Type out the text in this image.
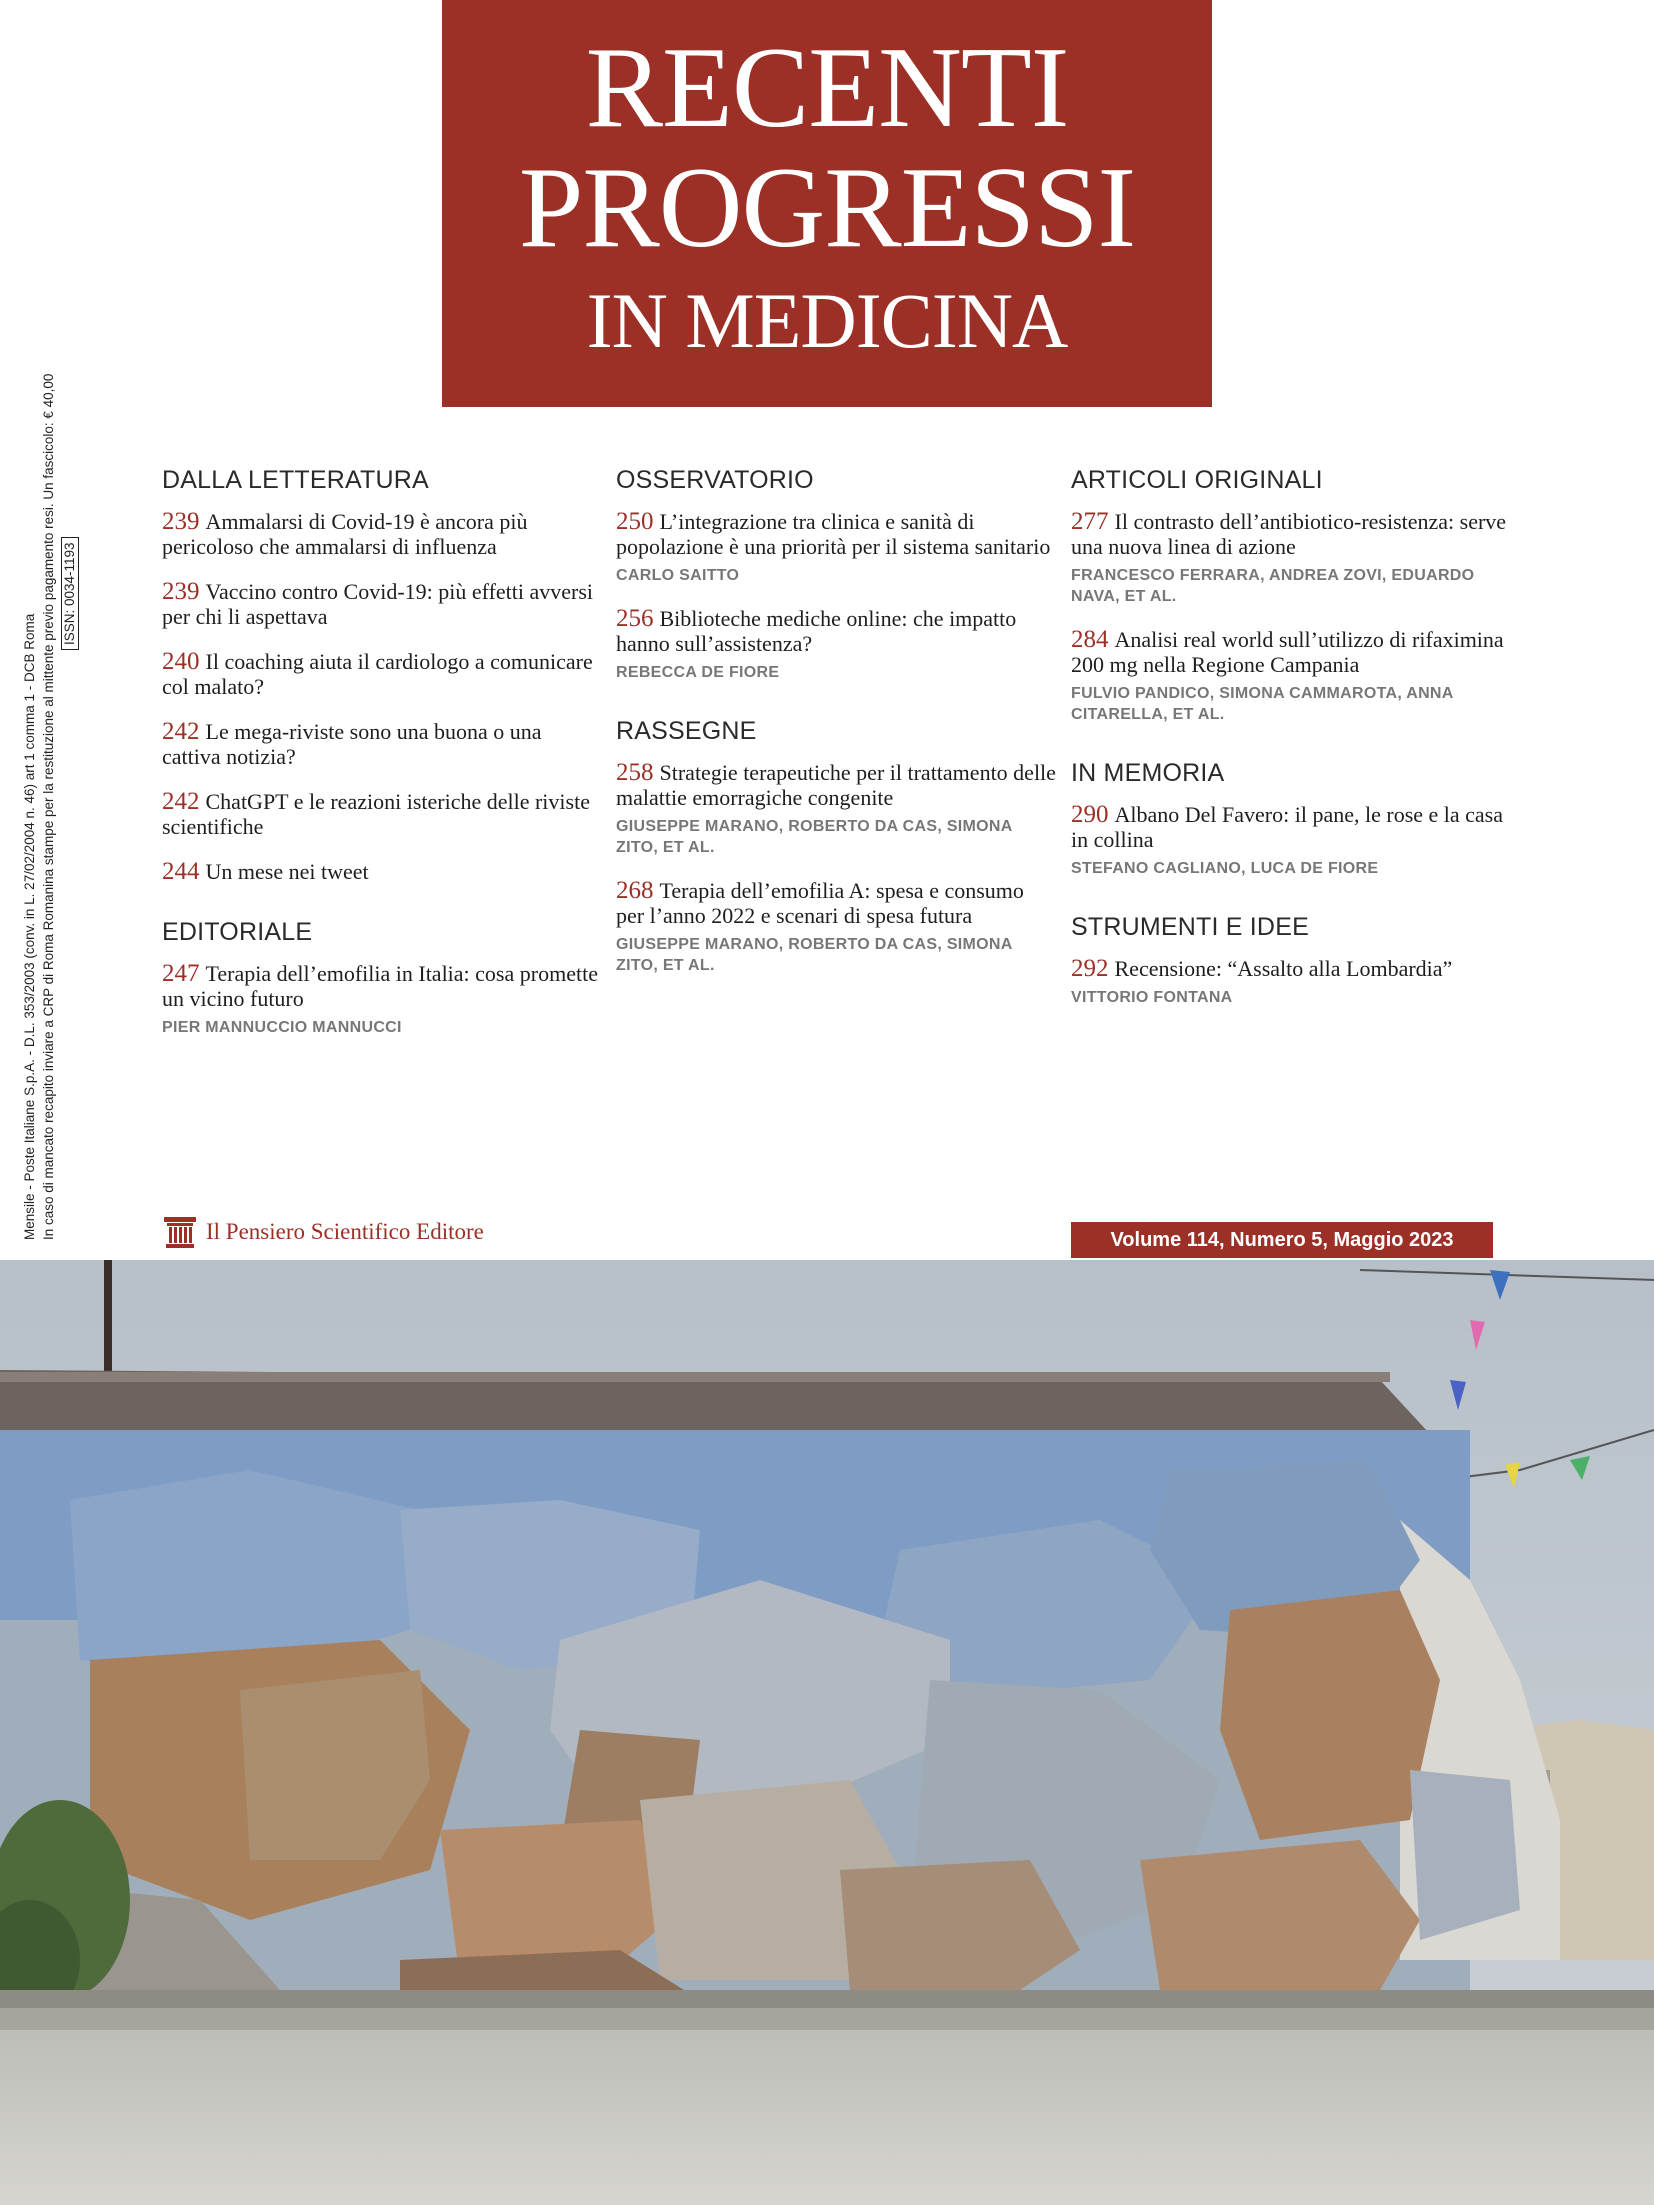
RECENTI
PROGRESSI
IN MEDICINA
Mensile - Poste Italiane S.p.A. - D.L. 353/2003 (conv. in L. 27/02/2004 n. 46) art 1 comma 1 - DCB Roma In caso di mancato recapito inviare a CRP di Roma Romanina stampe per la restituzione al mittente previo pagamento resi. Un fascicolo: € 40,00 ISSN: 0034-1193
DALLA LETTERATURA
239 Ammalarsi di Covid-19 è ancora più pericoloso che ammalarsi di influenza
239 Vaccino contro Covid-19: più effetti avversi per chi li aspettava
240 Il coaching aiuta il cardiologo a comunicare col malato?
242 Le mega-riviste sono una buona o una cattiva notizia?
242 ChatGPT e le reazioni isteriche delle riviste scientifiche
244 Un mese nei tweet
EDITORIALE
247 Terapia dell’emofilia in Italia: cosa promette un vicino futuro
PIER MANNUCCIO MANNUCCI
OSSERVATORIO
250 L’integrazione tra clinica e sanità di popolazione è una priorità per il sistema sanitario
CARLO SAITTO
256 Biblioteche mediche online: che impatto hanno sull’assistenza?
REBECCA DE FIORE
RASSEGNE
258 Strategie terapeutiche per il trattamento delle malattie emorragiche congenite
GIUSEPPE MARANO, ROBERTO DA CAS, SIMONA ZITO, ET AL.
268 Terapia dell’emofilia A: spesa e consumo per l’anno 2022 e scenari di spesa futura
GIUSEPPE MARANO, ROBERTO DA CAS, SIMONA ZITO, ET AL.
ARTICOLI ORIGINALI
277 Il contrasto dell’antibiotico-resistenza: serve una nuova linea di azione
FRANCESCO FERRARA, ANDREA ZOVI, EDUARDO NAVA, ET AL.
284 Analisi real world sull’utilizzo di rifaximina 200 mg nella Regione Campania
FULVIO PANDICO, SIMONA CAMMAROTA, ANNA CITARELLA, ET AL.
IN MEMORIA
290 Albano Del Favero: il pane, le rose e la casa in collina
STEFANO CAGLIANO, LUCA DE FIORE
STRUMENTI E IDEE
292 Recensione: “Assalto alla Lombardia”
VITTORIO FONTANA
Il Pensiero Scientifico Editore	Volume 114, Numero 5, Maggio 2023
